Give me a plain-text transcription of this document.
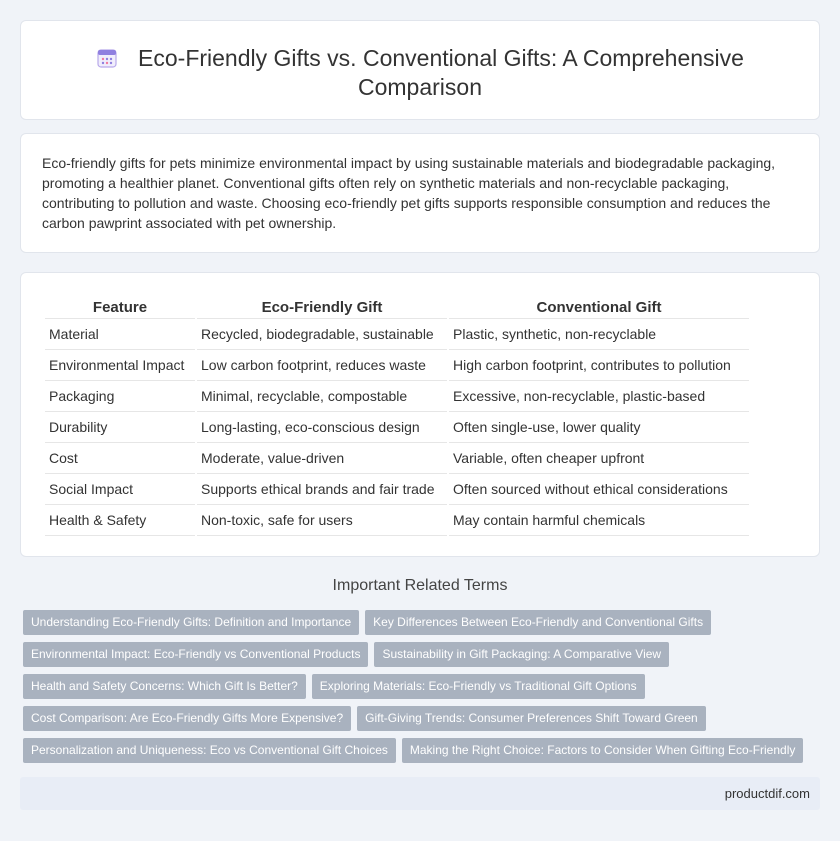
Eco-Friendly Gifts vs. Conventional Gifts: A Comprehensive
Comparison

Eco-friendly gifts for pets minimize environmental impact by using sustainable materials and biodegradable packaging, promoting a healthier planet. Conventional gifts often rely on synthetic materials and non-recyclable packaging, contributing to pollution and waste. Choosing eco-friendly pet gifts supports responsible consumption and reduces the carbon pawprint associated with pet ownership.

Feature	Eco-Friendly Gift	Conventional Gift
Material	Recycled, biodegradable, sustainable	Plastic, synthetic, non-recyclable
Environmental Impact	Low carbon footprint, reduces waste	High carbon footprint, contributes to pollution
Packaging	Minimal, recyclable, compostable	Excessive, non-recyclable, plastic-based
Durability	Long-lasting, eco-conscious design	Often single-use, lower quality
Cost	Moderate, value-driven	Variable, often cheaper upfront
Social Impact	Supports ethical brands and fair trade	Often sourced without ethical considerations
Health & Safety	Non-toxic, safe for users	May contain harmful chemicals
Important Related Terms
Understanding Eco-Friendly Gifts: Definition and Importance Key Differences Between Eco-Friendly and Conventional Gifts
Environmental Impact: Eco-Friendly vs Conventional Products Sustainability in Gift Packaging: A Comparative View
Health and Safety Concerns: Which Gift Is Better? Exploring Materials: Eco-Friendly vs Traditional Gift Options
Cost Comparison: Are Eco-Friendly Gifts More Expensive? Gift-Giving Trends: Consumer Preferences Shift Toward Green
Personalization and Uniqueness: Eco vs Conventional Gift Choices Making the Right Choice: Factors to Consider When Gifting Eco-Friendly
productdif.com
